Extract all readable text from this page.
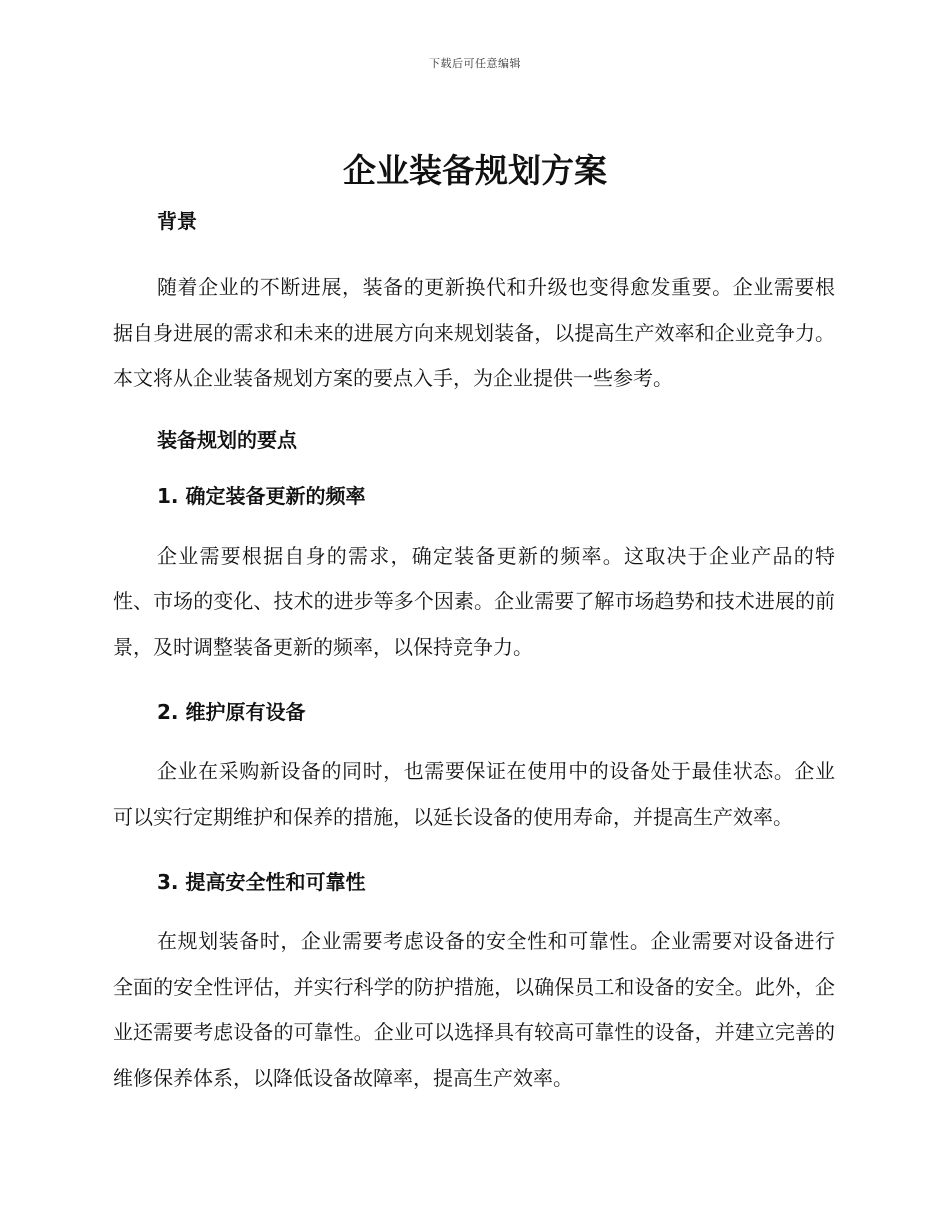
下载后可任意编辑
企业装备规划方案
背景

随着企业的不断进展，装备的更新换代和升级也变得愈发重要。企业需要根据自身进展的需求和未来的进展方向来规划装备，以提高生产效率和企业竞争力。本文将从企业装备规划方案的要点入手，为企业提供一些参考。

装备规划的要点
1. 确定装备更新的频率

企业需要根据自身的需求，确定装备更新的频率。这取决于企业产品的特性、市场的变化、技术的进步等多个因素。企业需要了解市场趋势和技术进展的前景，及时调整装备更新的频率，以保持竞争力。

2. 维护原有设备

企业在采购新设备的同时，也需要保证在使用中的设备处于最佳状态。企业可以实行定期维护和保养的措施，以延长设备的使用寿命，并提高生产效率。

3. 提高安全性和可靠性

在规划装备时，企业需要考虑设备的安全性和可靠性。企业需要对设备进行全面的安全性评估，并实行科学的防护措施，以确保员工和设备的安全。此外，企业还需要考虑设备的可靠性。企业可以选择具有较高可靠性的设备，并建立完善的维修保养体系，以降低设备故障率，提高生产效率。
